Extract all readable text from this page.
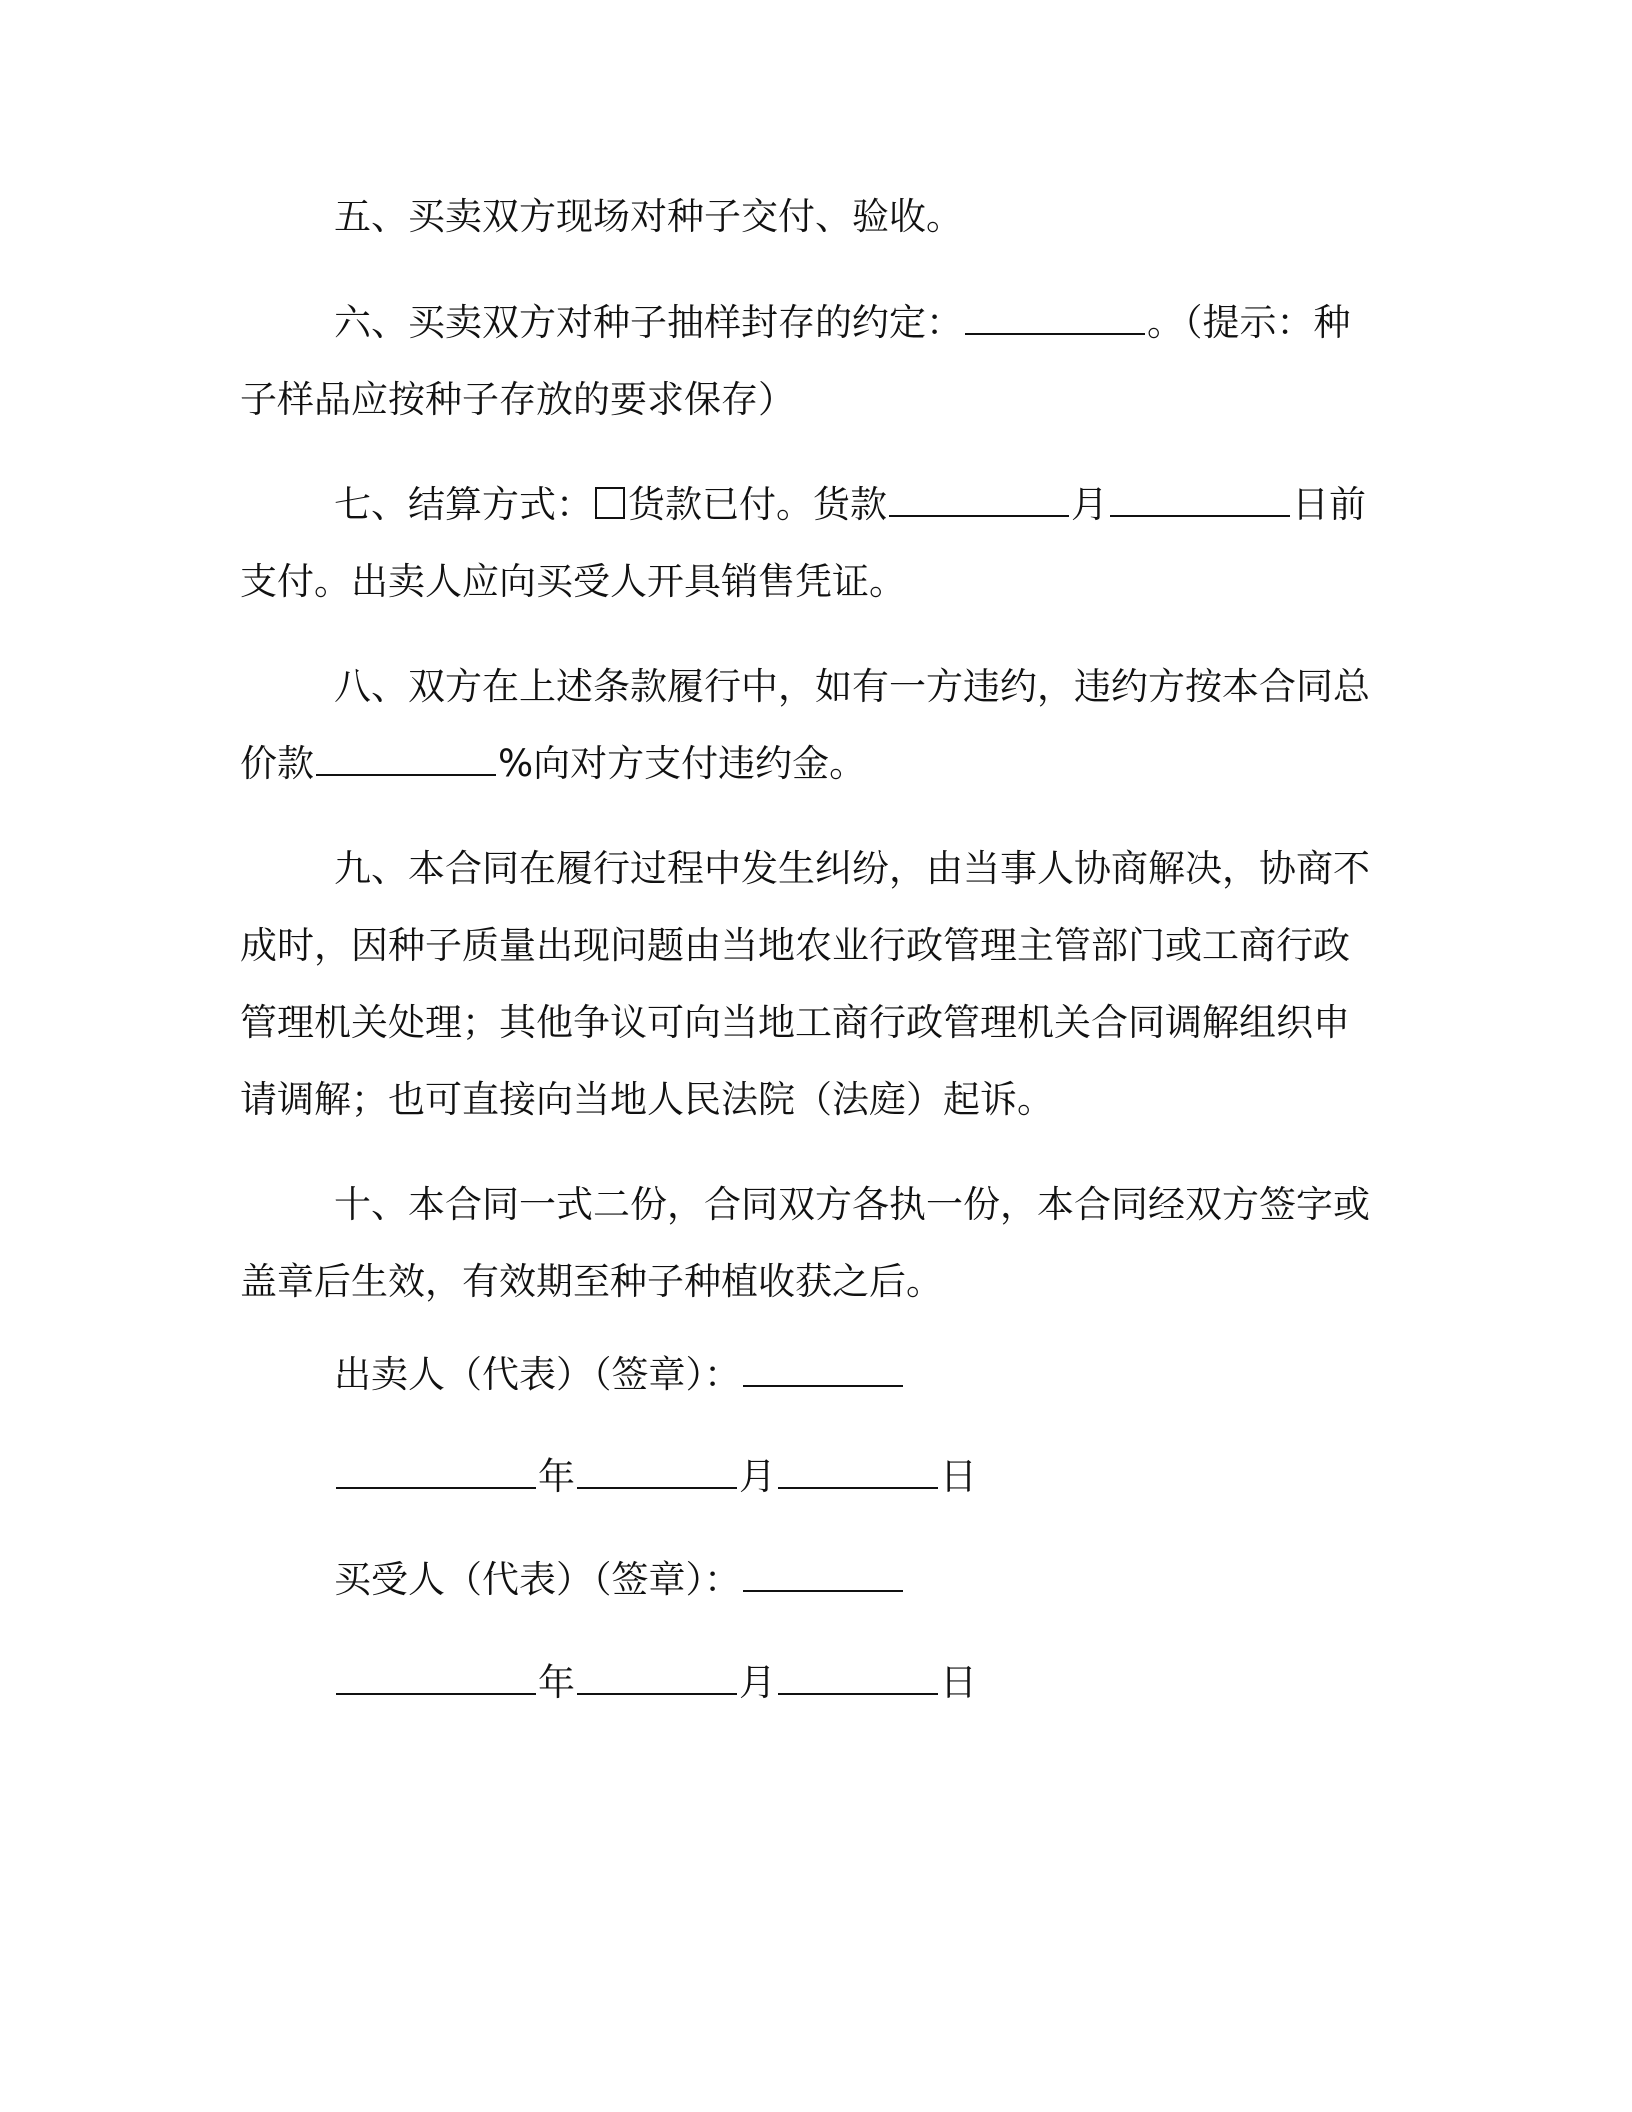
五、买卖双方现场对种子交付、验收。
六、买卖双方对种子抽样封存的约定：	。（提示：种
子样品应按种子存放的要求保存）
七、结算方式： 货款已付。货款	月	日前
支付。出卖人应向买受人开具销售凭证。
八、双方在上述条款履行中，如有一方违约，违约方按本合同总
价款	%向对方支付违约金。
九、本合同在履行过程中发生纠纷，由当事人协商解决，协商不
成时，因种子质量出现问题由当地农业行政管理主管部门或工商行政
管理机关处理；其他争议可向当地工商行政管理机关合同调解组织申
请调解；也可直接向当地人民法院（法庭）起诉。
十、本合同一式二份，合同双方各执一份，本合同经双方签字或
盖章后生效，有效期至种子种植收获之后。
出卖人（代表）（签章）：
年	月	日
买受人（代表）（签章）：
年	月	日
